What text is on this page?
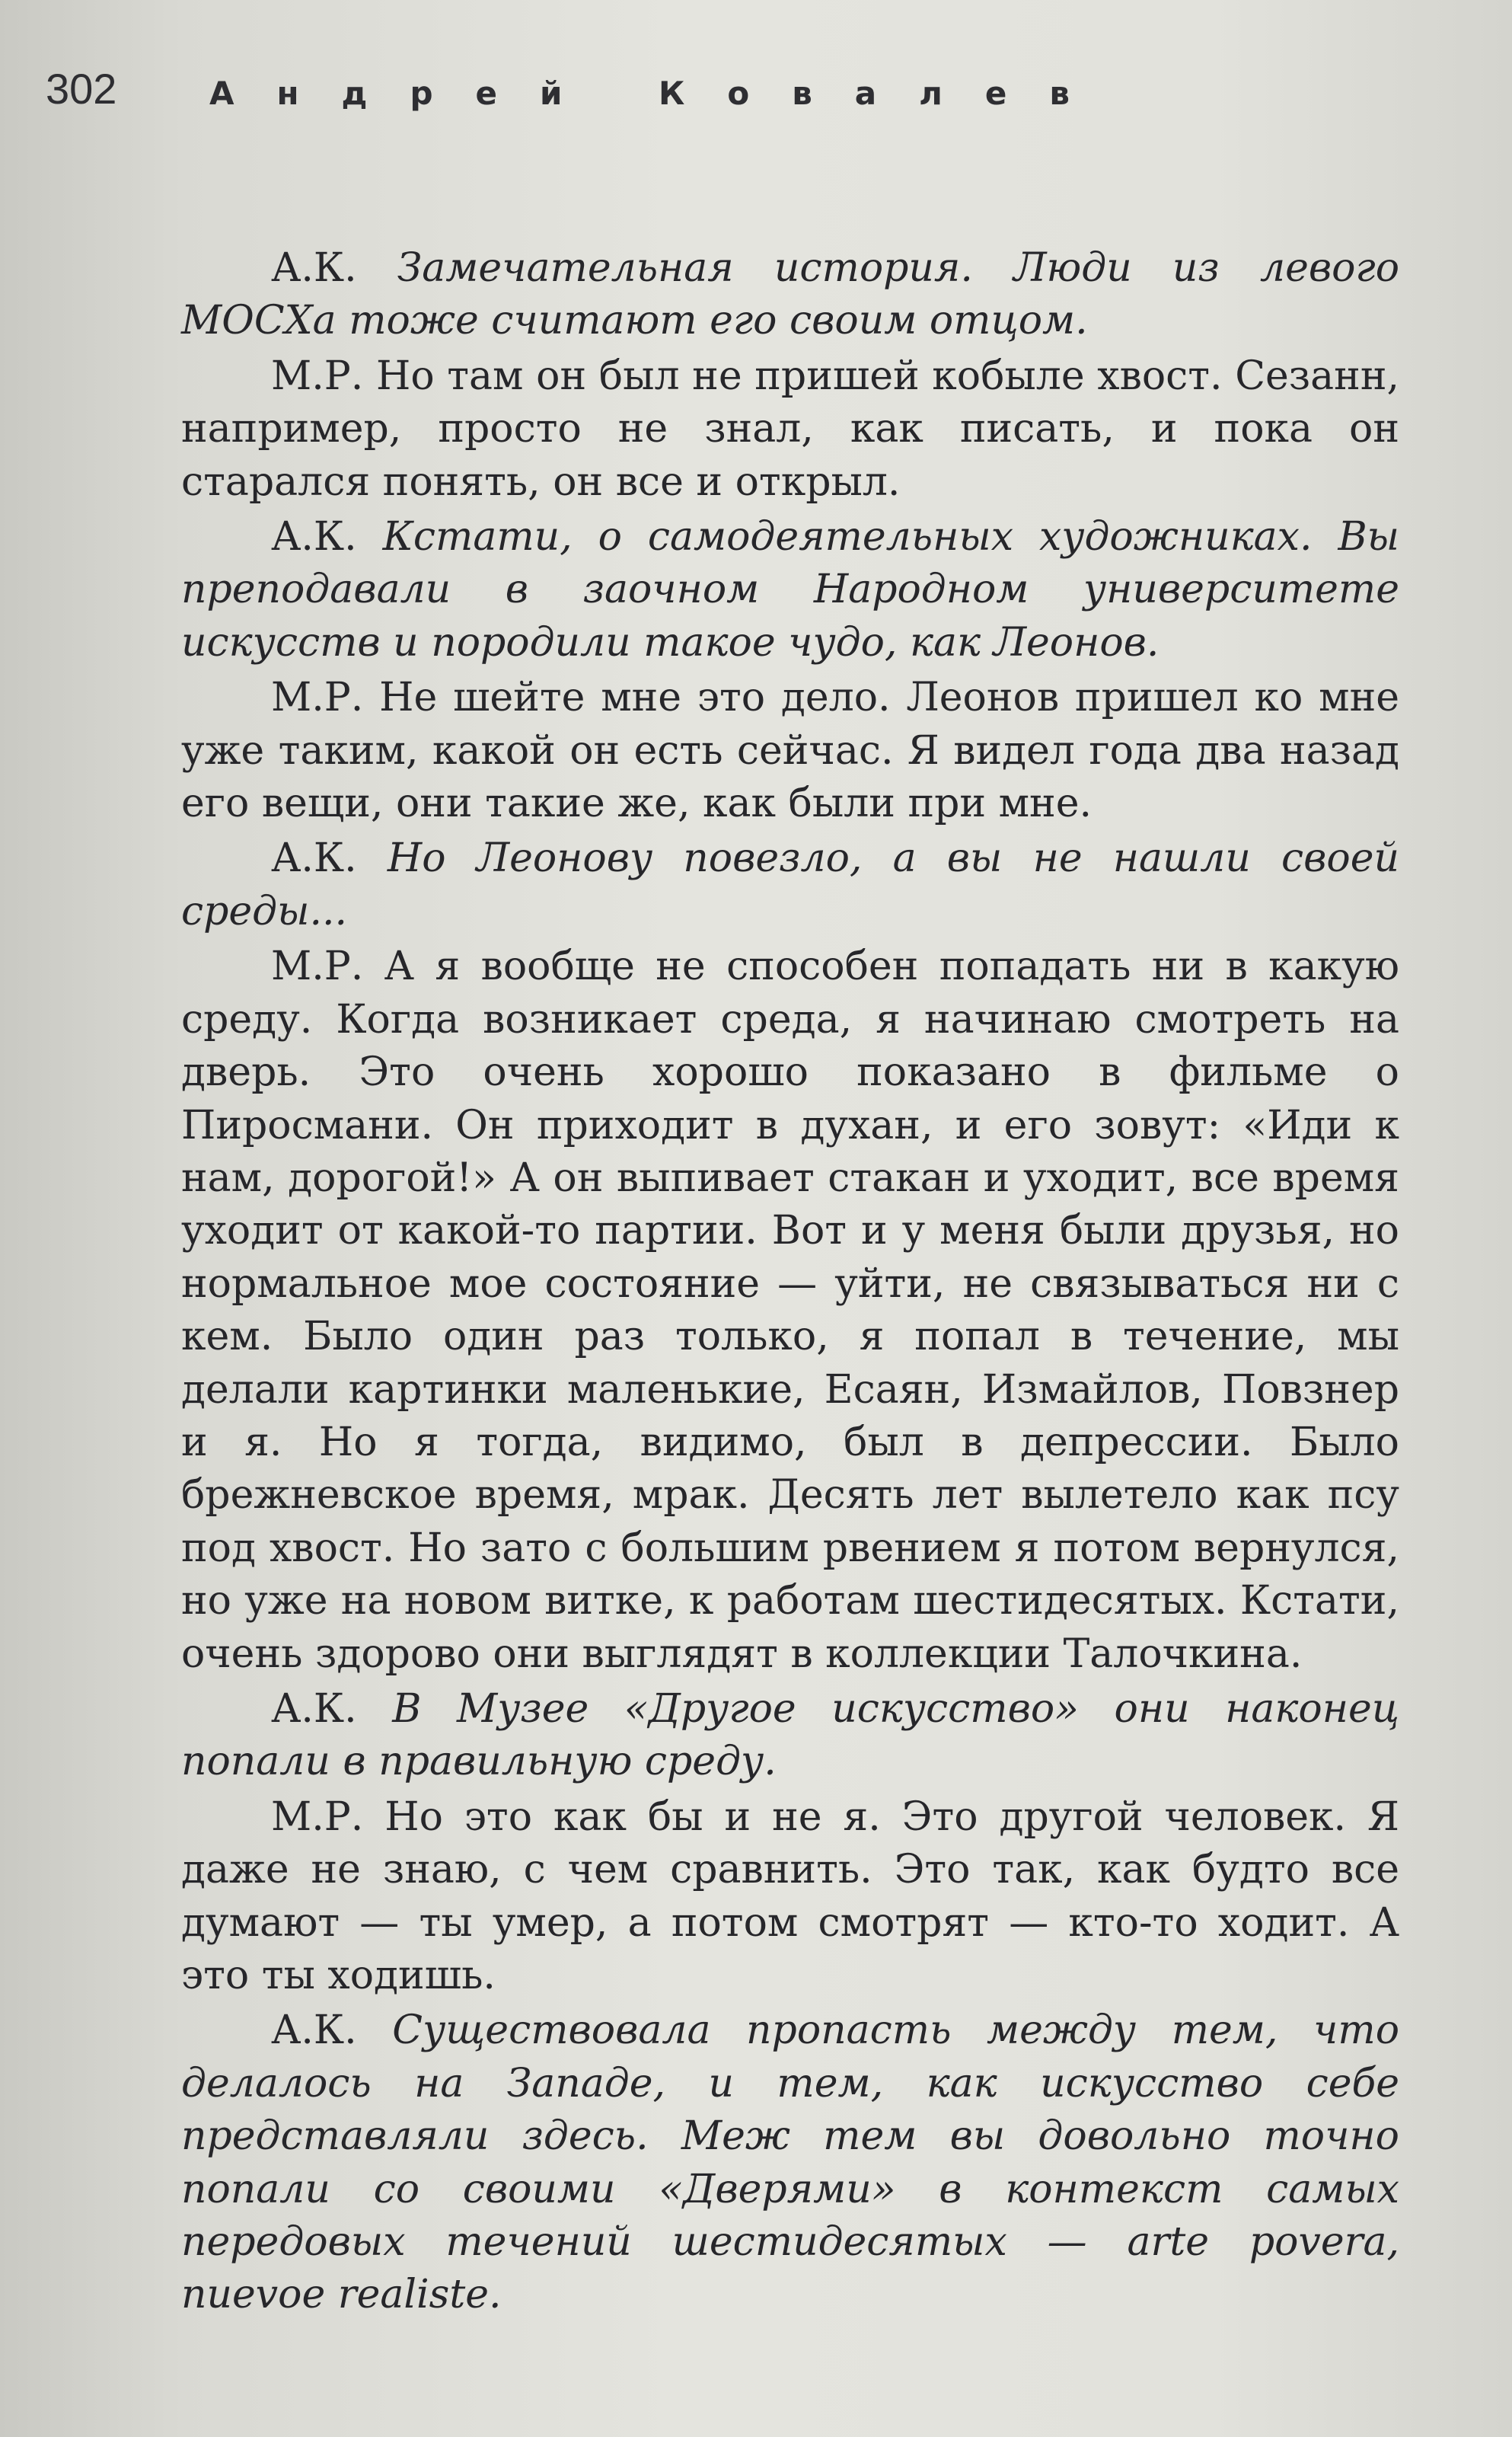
302	Андрей Ковалев

А.К. Замечательная история. Люди из левого МОСХа тоже считают его своим отцом.

М.Р. Но там он был не пришей кобыле хвост. Сезанн, например, просто не знал, как писать, и пока он старался понять, он все и открыл.

А.К. Кстати, о самодеятельных художниках. Вы преподавали в заочном Народном университете искусств и породили такое чудо, как Леонов.

М.Р. Не шейте мне это дело. Леонов пришел ко мне уже таким, какой он есть сейчас. Я видел года два назад его вещи, они такие же, как были при мне.

А.К. Но Леонову повезло, а вы не нашли своей среды...

М.Р. А я вообще не способен попадать ни в какую среду. Когда возникает среда, я начинаю смотреть на дверь. Это очень хорошо показано в фильме о Пиросмани. Он приходит в духан, и его зовут: «Иди к нам, дорогой!» А он выпивает стакан и уходит, все время уходит от какой-то партии. Вот и у меня были друзья, но нормальное мое состояние — уйти, не связываться ни с кем. Было один раз только, я попал в течение, мы делали картинки маленькие, Есаян, Измайлов, Повзнер и я. Но я тогда, видимо, был в депрессии. Было брежневское время, мрак. Десять лет вылетело как псу под хвост. Но зато с большим рвением я потом вернулся, но уже на новом витке, к работам шестидесятых. Кстати, очень здорово они выглядят в коллекции Талочкина.

А.К. В Музее «Другое искусство» они наконец попали в правильную среду.

М.Р. Но это как бы и не я. Это другой человек. Я даже не знаю, с чем сравнить. Это так, как будто все думают — ты умер, а потом смотрят — кто-то ходит. А это ты ходишь.

А.К. Существовала пропасть между тем, что делалось на Западе, и тем, как искусство себе представляли здесь. Меж тем вы довольно точно попали со своими «Дверями» в контекст самых передовых течений шестидесятых — arte povera, nuevoe realiste.
